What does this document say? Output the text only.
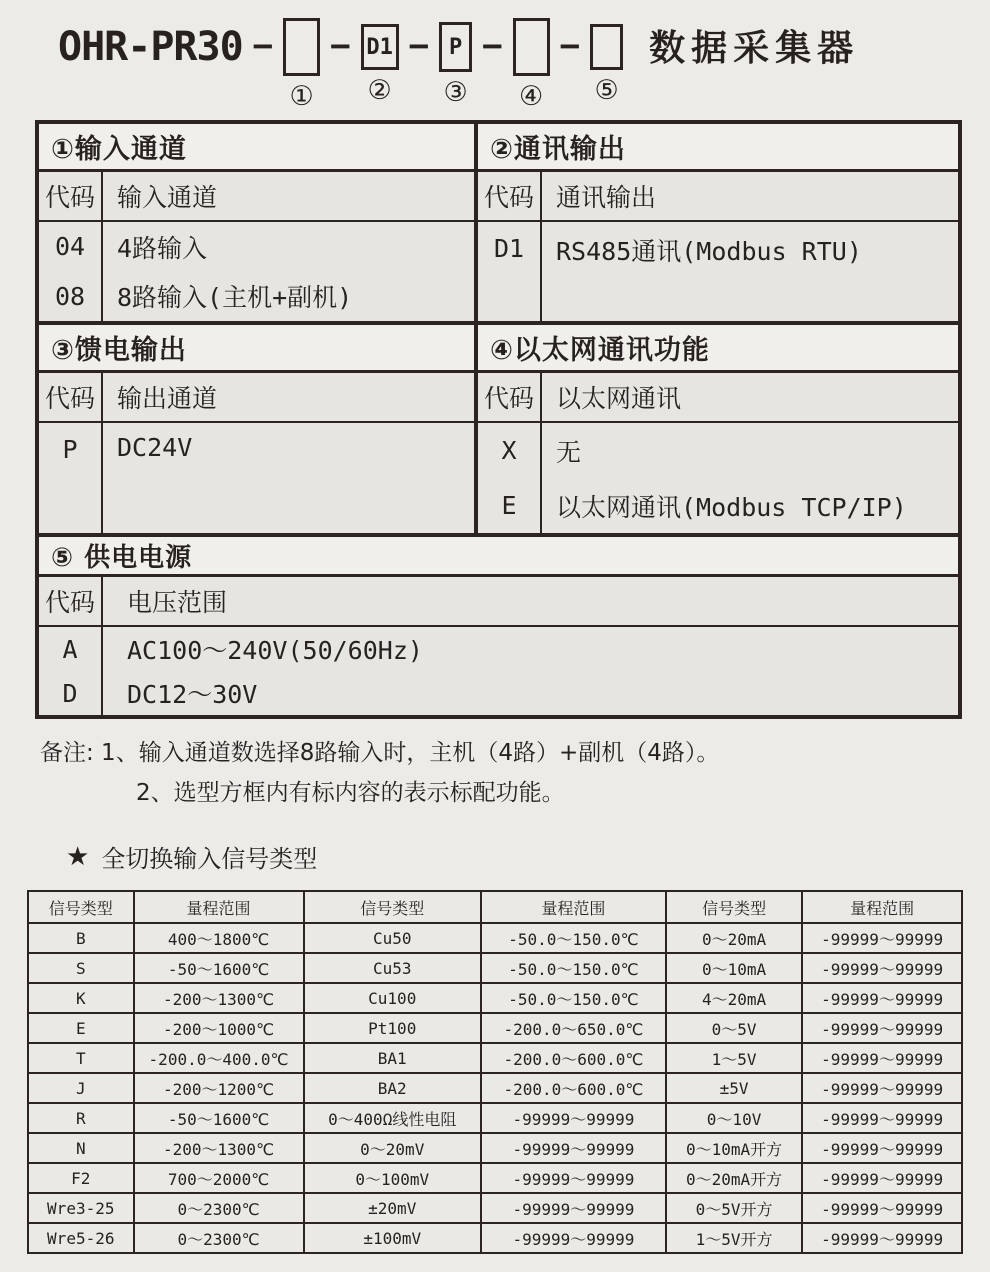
OHR-PR30 −
①
− D1
②
− P
③
−
④
−
⑤
数据采集器
①输入通道
代码 输入通道
04	4路输入
08	8路输入(主机+副机)
②通讯输出
代码 通讯输出
D1	RS485通讯(Modbus RTU)
③馈电输出
代码 输出通道
P	DC24V
④以太网通讯功能
代码 以太网通讯
X	无
E	以太网通讯(Modbus TCP/IP)
⑤ 供电电源
代码	电压范围
A	AC100～240V(50/60Hz)
D	DC12～30V
备注: 1、输入通道数选择8路输入时，主机（4路）+副机（4路）。
2、选型方框内有标内容的表示标配功能。
★ 全切换输入信号类型
信号类型	量程范围	信号类型	量程范围	信号类型	量程范围
B	400～1800℃	Cu50	-50.0～150.0℃	0～20mA	-99999～99999
S	-50～1600℃	Cu53	-50.0～150.0℃	0～10mA	-99999～99999
K	-200～1300℃	Cu100	-50.0～150.0℃	4～20mA	-99999～99999
E	-200～1000℃	Pt100	-200.0～650.0℃	0～5V	-99999～99999
T	-200.0～400.0℃	BA1	-200.0～600.0℃	1～5V	-99999～99999
J	-200～1200℃	BA2	-200.0～600.0℃	±5V	-99999～99999
R	-50～1600℃	0～400Ω线性电阻	-99999～99999	0～10V	-99999～99999
N	-200～1300℃	0～20mV	-99999～99999	0～10mA开方	-99999～99999
F2	700～2000℃	0～100mV	-99999～99999	0～20mA开方	-99999～99999
Wre3-25	0～2300℃	±20mV	-99999～99999	0～5V开方	-99999～99999
Wre5-26	0～2300℃	±100mV	-99999～99999	1～5V开方	-99999～99999
